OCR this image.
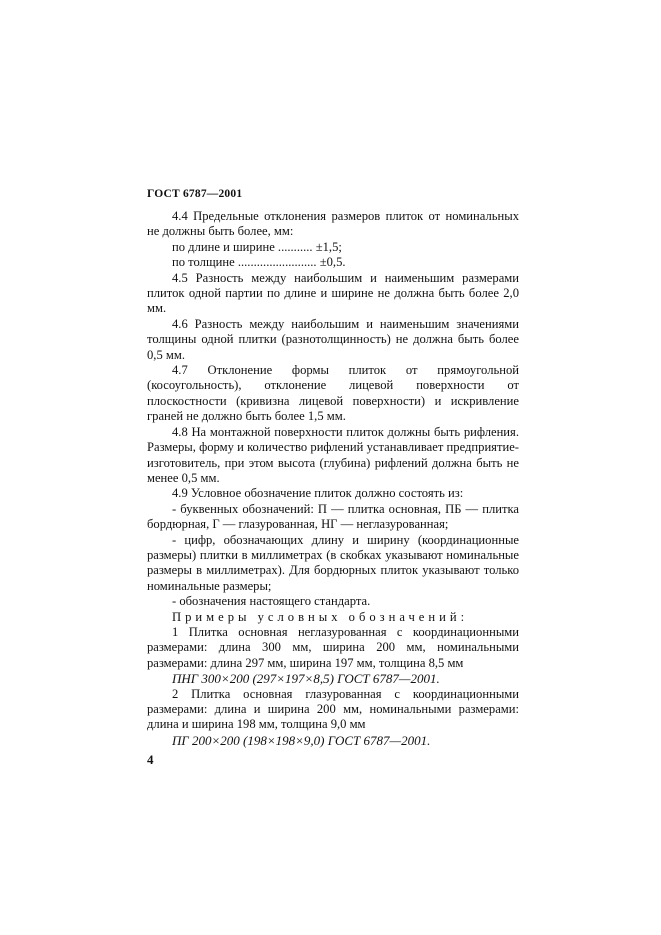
ГОСТ 6787—2001

4.4 Предельные отклонения размеров плиток от номинальных не должны быть более, мм:

по длине и ширине ........... ±1,5;

по толщине ......................... ±0,5.

4.5 Разность между наибольшим и наименьшим размерами плиток одной партии по длине и ширине не должна быть более 2,0 мм.

4.6 Разность между наибольшим и наименьшим значениями толщины одной плитки (разнотолщинность) не должна быть более 0,5 мм.

4.7 Отклонение формы плиток от прямоугольной (косоугольность), отклонение лицевой поверхности от плоскостности (кривизна лицевой поверхности) и искривление граней не должно быть более 1,5 мм.

4.8 На монтажной поверхности плиток должны быть рифления. Размеры, форму и количество рифлений устанавливает предприятие-изготовитель, при этом высота (глубина) рифлений должна быть не менее 0,5 мм.

4.9 Условное обозначение плиток должно состоять из:

- буквенных обозначений: П — плитка основная, ПБ — плитка бордюрная, Г — глазурованная, НГ — неглазурованная;

- цифр, обозначающих длину и ширину (координационные размеры) плитки в миллиметрах (в скобках указывают номинальные размеры в миллиметрах). Для бордюрных плиток указывают только номинальные размеры;

- обозначения настоящего стандарта.

Примеры условных обозначений:

1 Плитка основная неглазурованная с координационными размерами: длина 300 мм, ширина 200 мм, номинальными размерами: длина 297 мм, ширина 197 мм, толщина 8,5 мм

ПНГ 300×200 (297×197×8,5) ГОСТ 6787—2001.

2 Плитка основная глазурованная с координационными размерами: длина и ширина 200 мм, номинальными размерами: длина и ширина 198 мм, толщина 9,0 мм

ПГ 200×200 (198×198×9,0) ГОСТ 6787—2001.

4
